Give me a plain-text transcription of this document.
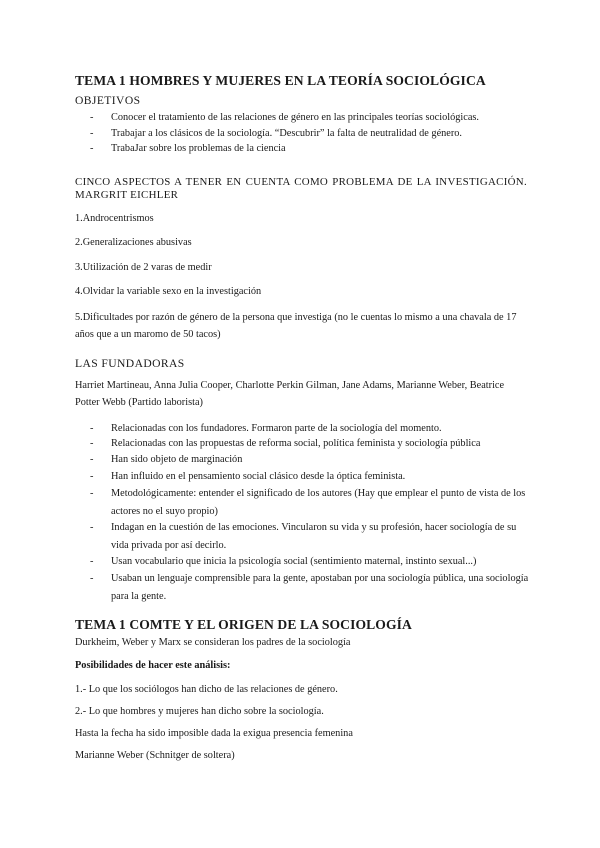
TEMA 1 HOMBRES Y MUJERES EN LA TEORÍA SOCIOLÓGICA
OBJETIVOS
- Conocer el tratamiento de las relaciones de género en las principales teorías sociológicas.
- Trabajar a los clásicos de la sociología. “Descubrir” la falta de neutralidad de género.
- TrabaJar sobre los problemas de la ciencia
CINCO ASPECTOS A TENER EN CUENTA COMO PROBLEMA DE LA INVESTIGACIÓN.
MARGRIT EICHLER
1.Androcentrismos
2.Generalizaciones abusivas
3.Utilización de 2 varas de medir
4.Olvidar la variable sexo en la investigación
5.Dificultades por razón de género de la persona que investiga (no le cuentas lo mismo a una chavala de 17 años que a un maromo de 50 tacos)
LAS FUNDADORAS
Harriet Martineau, Anna Julia Cooper, Charlotte Perkin Gilman, Jane Adams, Marianne Weber, Beatrice Potter Webb (Partido laborista)
- Relacionadas con los fundadores. Formaron parte de la sociología del momento.
- Relacionadas con las propuestas de reforma social, política feminista y sociología pública
- Han sido objeto de marginación
- Han influido en el pensamiento social clásico desde la óptica feminista.
- Metodológicamente: entender el significado de los autores (Hay que emplear el punto de vista de los actores no el suyo propio)
- Indagan en la cuestión de las emociones. Vincularon su vida y su profesión, hacer sociología de su vida privada por así decirlo.
- Usan vocabulario que inicia la psicología social (sentimiento maternal, instinto sexual...)
- Usaban un lenguaje comprensible para la gente, apostaban por una sociología pública, una sociología para la gente.
TEMA 1 COMTE Y EL ORIGEN DE LA SOCIOLOGÍA
Durkheim, Weber y Marx se consideran los padres de la sociología
Posibilidades de hacer este análisis:
1.- Lo que los sociólogos han dicho de las relaciones de género.
2.- Lo que hombres y mujeres han dicho sobre la sociología.
Hasta la fecha ha sido imposible dada la exigua presencia femenina
Marianne Weber (Schnitger de soltera)
